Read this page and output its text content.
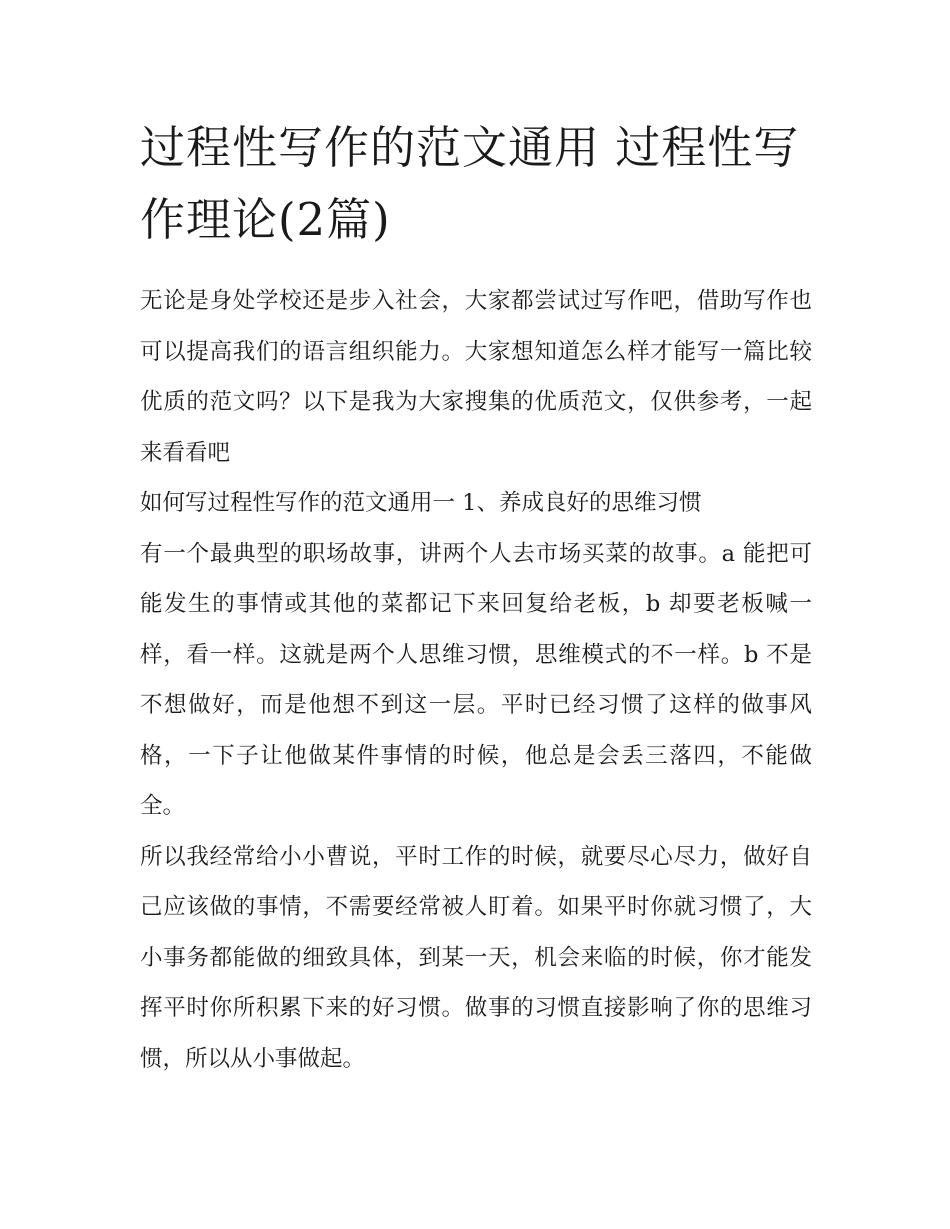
过程性写作的范文通用 过程性写作理论(2篇)

无论是身处学校还是步入社会，大家都尝试过写作吧，借助写作也可以提高我们的语言组织能力。大家想知道怎么样才能写一篇比较优质的范文吗？以下是我为大家搜集的优质范文，仅供参考，一起来看看吧

如何写过程性写作的范文通用一 1、养成良好的思维习惯

有一个最典型的职场故事，讲两个人去市场买菜的故事。a 能把可能发生的事情或其他的菜都记下来回复给老板，b 却要老板喊一样，看一样。这就是两个人思维习惯，思维模式的不一样。b 不是不想做好，而是他想不到这一层。平时已经习惯了这样的做事风格，一下子让他做某件事情的时候，他总是会丢三落四，不能做全。

所以我经常给小小曹说，平时工作的时候，就要尽心尽力，做好自己应该做的事情，不需要经常被人盯着。如果平时你就习惯了，大小事务都能做的细致具体，到某一天，机会来临的时候，你才能发挥平时你所积累下来的好习惯。做事的习惯直接影响了你的思维习惯，所以从小事做起。
